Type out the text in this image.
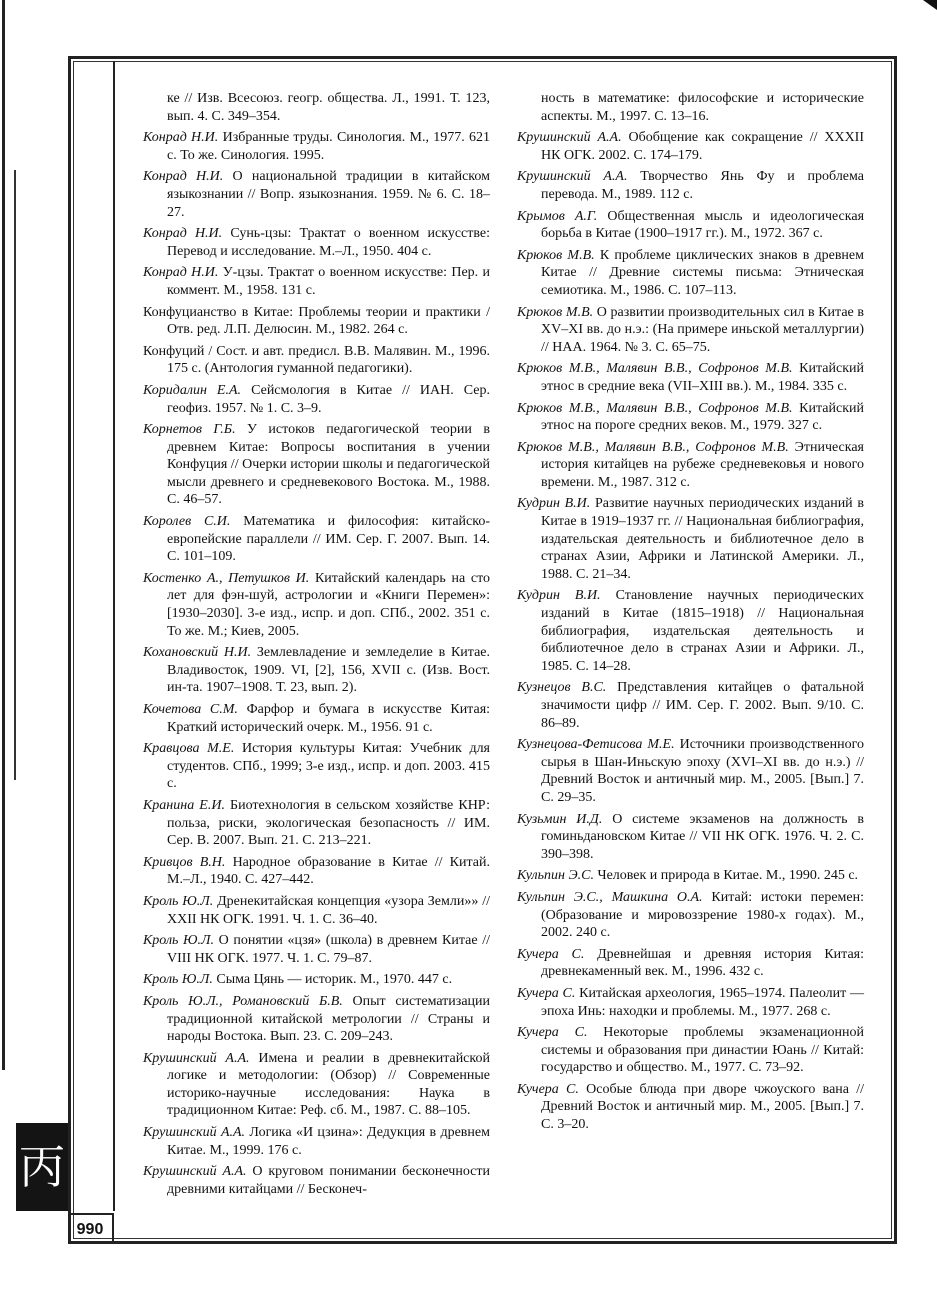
丙
990

ке // Изв. Всесоюз. геогр. общества. Л., 1991. Т. 123, вып. 4. С. 349–354.

Конрад Н.И. Избранные труды. Синология. М., 1977. 621 с. То же. Синология. 1995.

Конрад Н.И. О национальной традиции в китайском языкознании // Вопр. языкознания. 1959. № 6. С. 18–27.

Конрад Н.И. Сунь-цзы: Трактат о военном искусстве: Перевод и исследование. М.–Л., 1950. 404 с.

Конрад Н.И. У-цзы. Трактат о военном искусстве: Пер. и коммент. М., 1958. 131 с.

Конфуцианство в Китае: Проблемы теории и практики / Отв. ред. Л.П. Делюсин. М., 1982. 264 с.

Конфуций / Сост. и авт. предисл. В.В. Малявин. М., 1996. 175 с. (Антология гуманной педагогики).

Коридалин Е.А. Сейсмология в Китае // ИАН. Сер. геофиз. 1957. № 1. С. 3–9.

Корнетов Г.Б. У истоков педагогической теории в древнем Китае: Вопросы воспитания в учении Конфуция // Очерки истории школы и педагогической мысли древнего и средневекового Востока. М., 1988. С. 46–57.

Королев С.И. Математика и философия: китайско-европейские параллели // ИМ. Сер. Г. 2007. Вып. 14. С. 101–109.

Костенко А., Петушков И. Китайский календарь на сто лет для фэн-шуй, астрологии и «Книги Перемен»: [1930–2030]. 3-е изд., испр. и доп. СПб., 2002. 351 с. То же. М.; Киев, 2005.

Кохановский Н.И. Землевладение и земледелие в Китае. Владивосток, 1909. VI, [2], 156, XVII с. (Изв. Вост. ин-та. 1907–1908. Т. 23, вып. 2).

Кочетова С.М. Фарфор и бумага в искусстве Китая: Краткий исторический очерк. М., 1956. 91 с.

Кравцова М.Е. История культуры Китая: Учебник для студентов. СПб., 1999; 3-е изд., испр. и доп. 2003. 415 с.

Кранина Е.И. Биотехнология в сельском хозяйстве КНР: польза, риски, экологическая безопасность // ИМ. Сер. В. 2007. Вып. 21. С. 213–221.

Кривцов В.Н. Народное образование в Китае // Китай. М.–Л., 1940. С. 427–442.

Кроль Ю.Л. Дренекитайская концепция «узора Земли»» // XXII НК ОГК. 1991. Ч. 1. С. 36–40.

Кроль Ю.Л. О понятии «цзя» (школа) в древнем Китае // VIII НК ОГК. 1977. Ч. 1. С. 79–87.

Кроль Ю.Л. Сыма Цянь — историк. М., 1970. 447 с.

Кроль Ю.Л., Романовский Б.В. Опыт систематизации традиционной китайской метрологии // Страны и народы Востока. Вып. 23. С. 209–243.

Крушинский А.А. Имена и реалии в древнекитайской логике и методологии: (Обзор) // Современные историко-научные исследования: Наука в традиционном Китае: Реф. сб. М., 1987. С. 88–105.

Крушинский А.А. Логика «И цзина»: Дедукция в древнем Китае. М., 1999. 176 с.

Крушинский А.А. О круговом понимании бесконечности древними китайцами // Бесконеч-

ность в математике: философские и исторические аспекты. М., 1997. С. 13–16.

Крушинский А.А. Обобщение как сокращение // XXXII НК ОГК. 2002. С. 174–179.

Крушинский А.А. Творчество Янь Фу и проблема перевода. М., 1989. 112 с.

Крымов А.Г. Общественная мысль и идеологическая борьба в Китае (1900–1917 гг.). М., 1972. 367 с.

Крюков М.В. К проблеме циклических знаков в древнем Китае // Древние системы письма: Этническая семиотика. М., 1986. С. 107–113.

Крюков М.В. О развитии производительных сил в Китае в XV–XI вв. до н.э.: (На примере иньской металлургии) // НАА. 1964. № 3. С. 65–75.

Крюков М.В., Малявин В.В., Софронов М.В. Китайский этнос в средние века (VII–XIII вв.). М., 1984. 335 с.

Крюков М.В., Малявин В.В., Софронов М.В. Китайский этнос на пороге средних веков. М., 1979. 327 с.

Крюков М.В., Малявин В.В., Софронов М.В. Этническая история китайцев на рубеже средневековья и нового времени. М., 1987. 312 с.

Кудрин В.И. Развитие научных периодических изданий в Китае в 1919–1937 гг. // Национальная библиография, издательская деятельность и библиотечное дело в странах Азии, Африки и Латинской Америки. Л., 1988. С. 21–34.

Кудрин В.И. Становление научных периодических изданий в Китае (1815–1918) // Национальная библиография, издательская деятельность и библиотечное дело в странах Азии и Африки. Л., 1985. С. 14–28.

Кузнецов В.С. Представления китайцев о фатальной значимости цифр // ИМ. Сер. Г. 2002. Вып. 9/10. С. 86–89.

Кузнецова-Фетисова М.Е. Источники производственного сырья в Шан-Иньскую эпоху (XVI–XI вв. до н.э.) // Древний Восток и античный мир. М., 2005. [Вып.] 7. С. 29–35.

Кузьмин И.Д. О системе экзаменов на должность в гоминьдановском Китае // VII НК ОГК. 1976. Ч. 2. С. 390–398.

Кульпин Э.С. Человек и природа в Китае. М., 1990. 245 с.

Кульпин Э.С., Машкина О.А. Китай: истоки перемен: (Образование и мировоззрение 1980-х годах). М., 2002. 240 с.

Кучера С. Древнейшая и древняя история Китая: древнекаменный век. М., 1996. 432 с.

Кучера С. Китайская археология, 1965–1974. Палеолит — эпоха Инь: находки и проблемы. М., 1977. 268 с.

Кучера С. Некоторые проблемы экзаменационной системы и образования при династии Юань // Китай: государство и общество. М., 1977. С. 73–92.

Кучера С. Особые блюда при дворе чжоуского вана // Древний Восток и античный мир. М., 2005. [Вып.] 7. С. 3–20.
